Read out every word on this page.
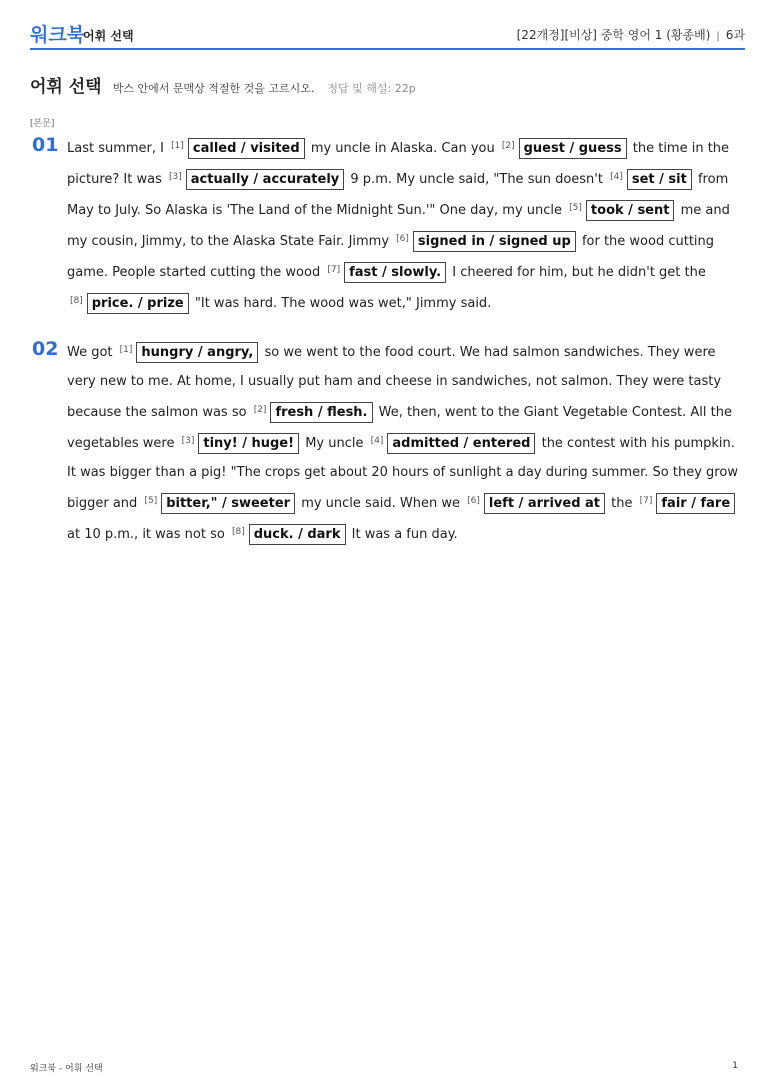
워크북
어휘 선택	[22개정][비상] 중학 영어 1 (황종배) | 6과
어휘 선택 박스 안에서 문맥상 적절한 것을 고르시오. 정답 및 해설: 22p
[본문]
01 Last summer, I [1] called / visited my uncle in Alaska. Can you [2] guest / guess the time in the picture? It was [3] actually / accurately 9 p.m. My uncle said, "The sun doesn't [4] set / sit from May to July. So Alaska is 'The Land of the Midnight Sun.'" One day, my uncle [5] took / sent me and my cousin, Jimmy, to the Alaska State Fair. Jimmy [6] signed in / signed up for the wood cutting game. People started cutting the wood [7] fast / slowly. I cheered for him, but he didn't get the [8] price. / prize "It was hard. The wood was wet," Jimmy said.
02 We got [1] hungry / angry, so we went to the food court. We had salmon sandwiches. They were very new to me. At home, I usually put ham and cheese in sandwiches, not salmon. They were tasty because the salmon was so [2] fresh / flesh. We, then, went to the Giant Vegetable Contest. All the vegetables were [3] tiny! / huge! My uncle [4] admitted / entered the contest with his pumpkin. It was bigger than a pig! "The crops get about 20 hours of sunlight a day during summer. So they grow bigger and [5] bitter," / sweeter my uncle said. When we [6] left / arrived at the [7] fair / fare at 10 p.m., it was not so [8] duck. / dark It was a fun day.
워크북 - 어휘 선택	1
